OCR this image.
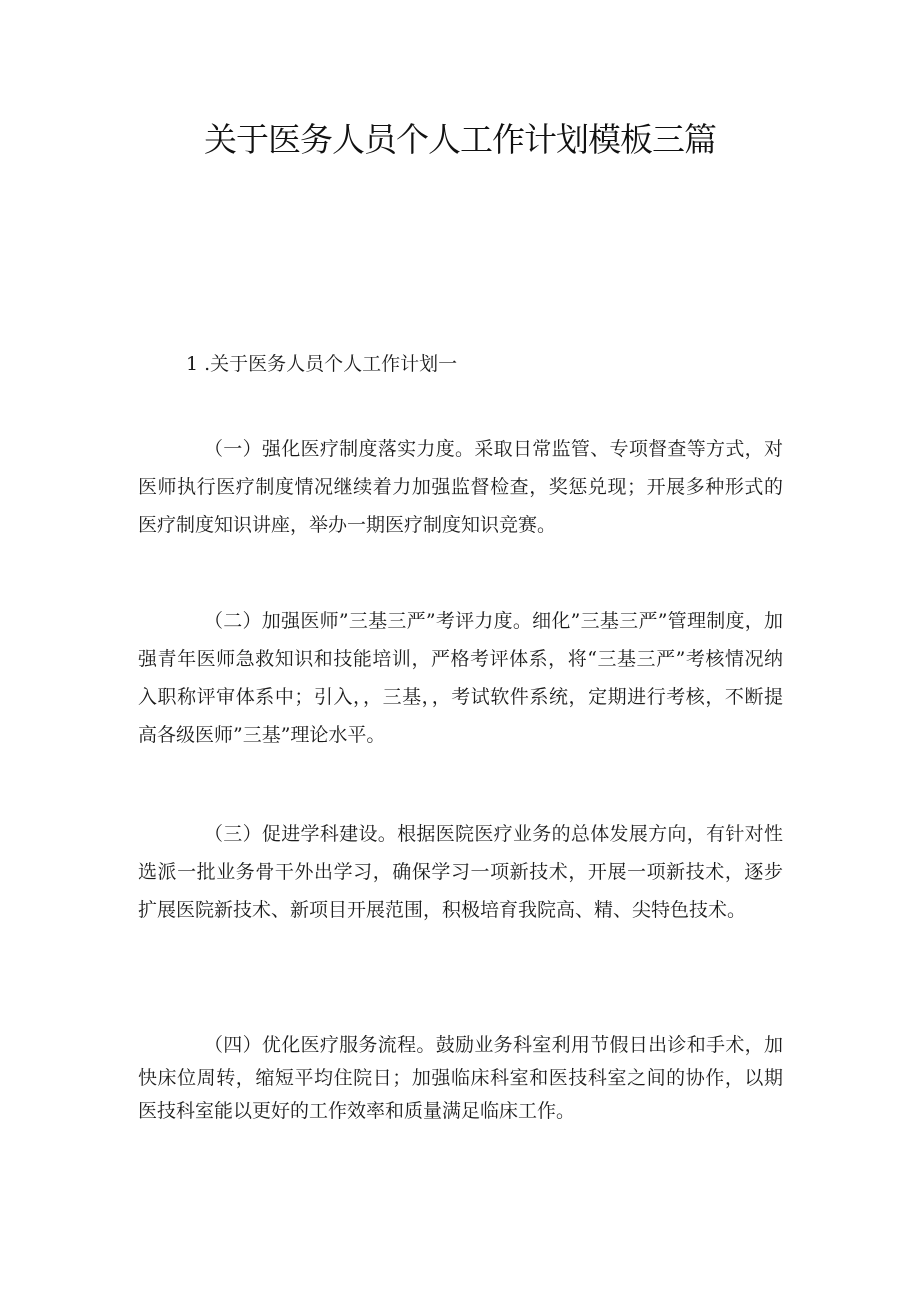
关于医务人员个人工作计划模板三篇
1 .关于医务人员个人工作计划一

（一）强化医疗制度落实力度。采取日常监管、专项督查等方式，对医师执行医疗制度情况继续着力加强监督检查，奖惩兑现；开展多种形式的医疗制度知识讲座，举办一期医疗制度知识竞赛。

（二）加强医师”三基三严”考评力度。细化”三基三严”管理制度，加强青年医师急救知识和技能培训，严格考评体系，将“三基三严”考核情况纳入职称评审体系中；引入，，三基，，考试软件系统，定期进行考核，不断提高各级医师”三基”理论水平。

（三）促进学科建设。根据医院医疗业务的总体发展方向，有针对性选派一批业务骨干外出学习，确保学习一项新技术，开展一项新技术，逐步扩展医院新技术、新项目开展范围，积极培育我院高、精、尖特色技术。

（四）优化医疗服务流程。鼓励业务科室利用节假日出诊和手术，加快床位周转，缩短平均住院日；加强临床科室和医技科室之间的协作，以期医技科室能以更好的工作效率和质量满足临床工作。
